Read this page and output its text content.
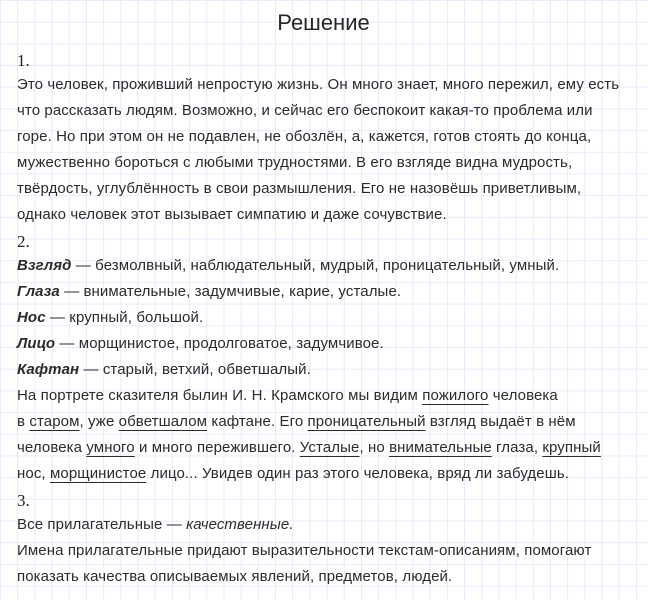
Решение
1.

Это человек, проживший непростую жизнь. Он много знает, много пережил, ему есть что рассказать людям. Возможно, и сейчас его беспокоит какая-то проблема или горе. Но при этом он не подавлен, не обозлён, а, кажется, готов стоять до конца, мужественно бороться с любыми трудностями. В его взгляде видна мудрость, твёрдость, углублённость в свои размышления. Его не назовёшь приветливым, однако человек этот вызывает симпатию и даже сочувствие.

2.

Взгляд — безмолвный, наблюдательный, мудрый, проницательный, умный.

Глаза — внимательные, задумчивые, карие, усталые.

Нос — крупный, большой.

Лицо — морщинистое, продолговатое, задумчивое.

Кафтан — старый, ветхий, обветшалый.

На портрете сказителя былин И. Н. Крамского мы видим пожилого человека
в старом, уже обветшалом кафтане. Его проницательный взгляд выдаёт в нём человека умного и много пережившего. Усталые, но внимательные глаза, крупный нос, морщинистое лицо... Увидев один раз этого человека, вряд ли забудешь.

3.

Все прилагательные — качественные.

Имена прилагательные придают выразительности текстам-описаниям, помогают показать качества описываемых явлений, предметов, людей.
